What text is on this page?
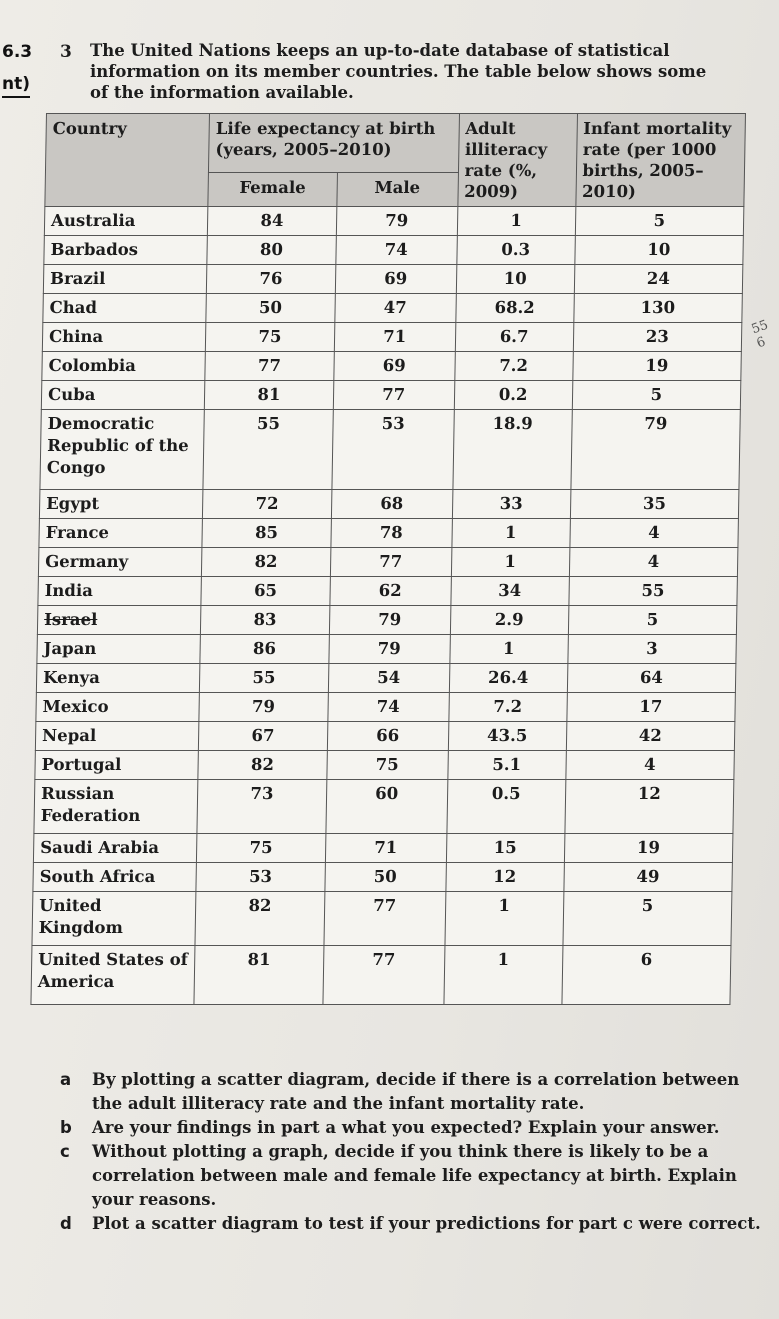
6.3
nt)
3 The United Nations keeps an up-to-date database of statistical information on its member countries. The table below shows some of the information available.
55 6
Country	Life expectancy at birth (years, 2005–2010)		Adult illiteracy rate (%, 2009)	Infant mortality rate (per 1000 births, 2005–2010)
	Female	Male		
Australia	84	79	1	5
Barbados	80	74	0.3	10
Brazil	76	69	10	24
Chad	50	47	68.2	130
China	75	71	6.7	23
Colombia	77	69	7.2	19
Cuba	81	77	0.2	5
Democratic Republic of the Congo	55	53	18.9	79
Egypt	72	68	33	35
France	85	78	1	4
Germany	82	77	1	4
India	65	62	34	55
Israel	83	79	2.9	5
Japan	86	79	1	3
Kenya	55	54	26.4	64
Mexico	79	74	7.2	17
Nepal	67	66	43.5	42
Portugal	82	75	5.1	4
Russian Federation	73	60	0.5	12
Saudi Arabia	75	71	15	19
South Africa	53	50	12	49
United Kingdom	82	77	1	5
United States of America	81	77	1	6

a By plotting a scatter diagram, decide if there is a correlation between the adult illiteracy rate and the infant mortality rate.

b Are your findings in part a what you expected? Explain your answer.

c Without plotting a graph, decide if you think there is likely to be a correlation between male and female life expectancy at birth. Explain your reasons.

d Plot a scatter diagram to test if your predictions for part c were correct.
